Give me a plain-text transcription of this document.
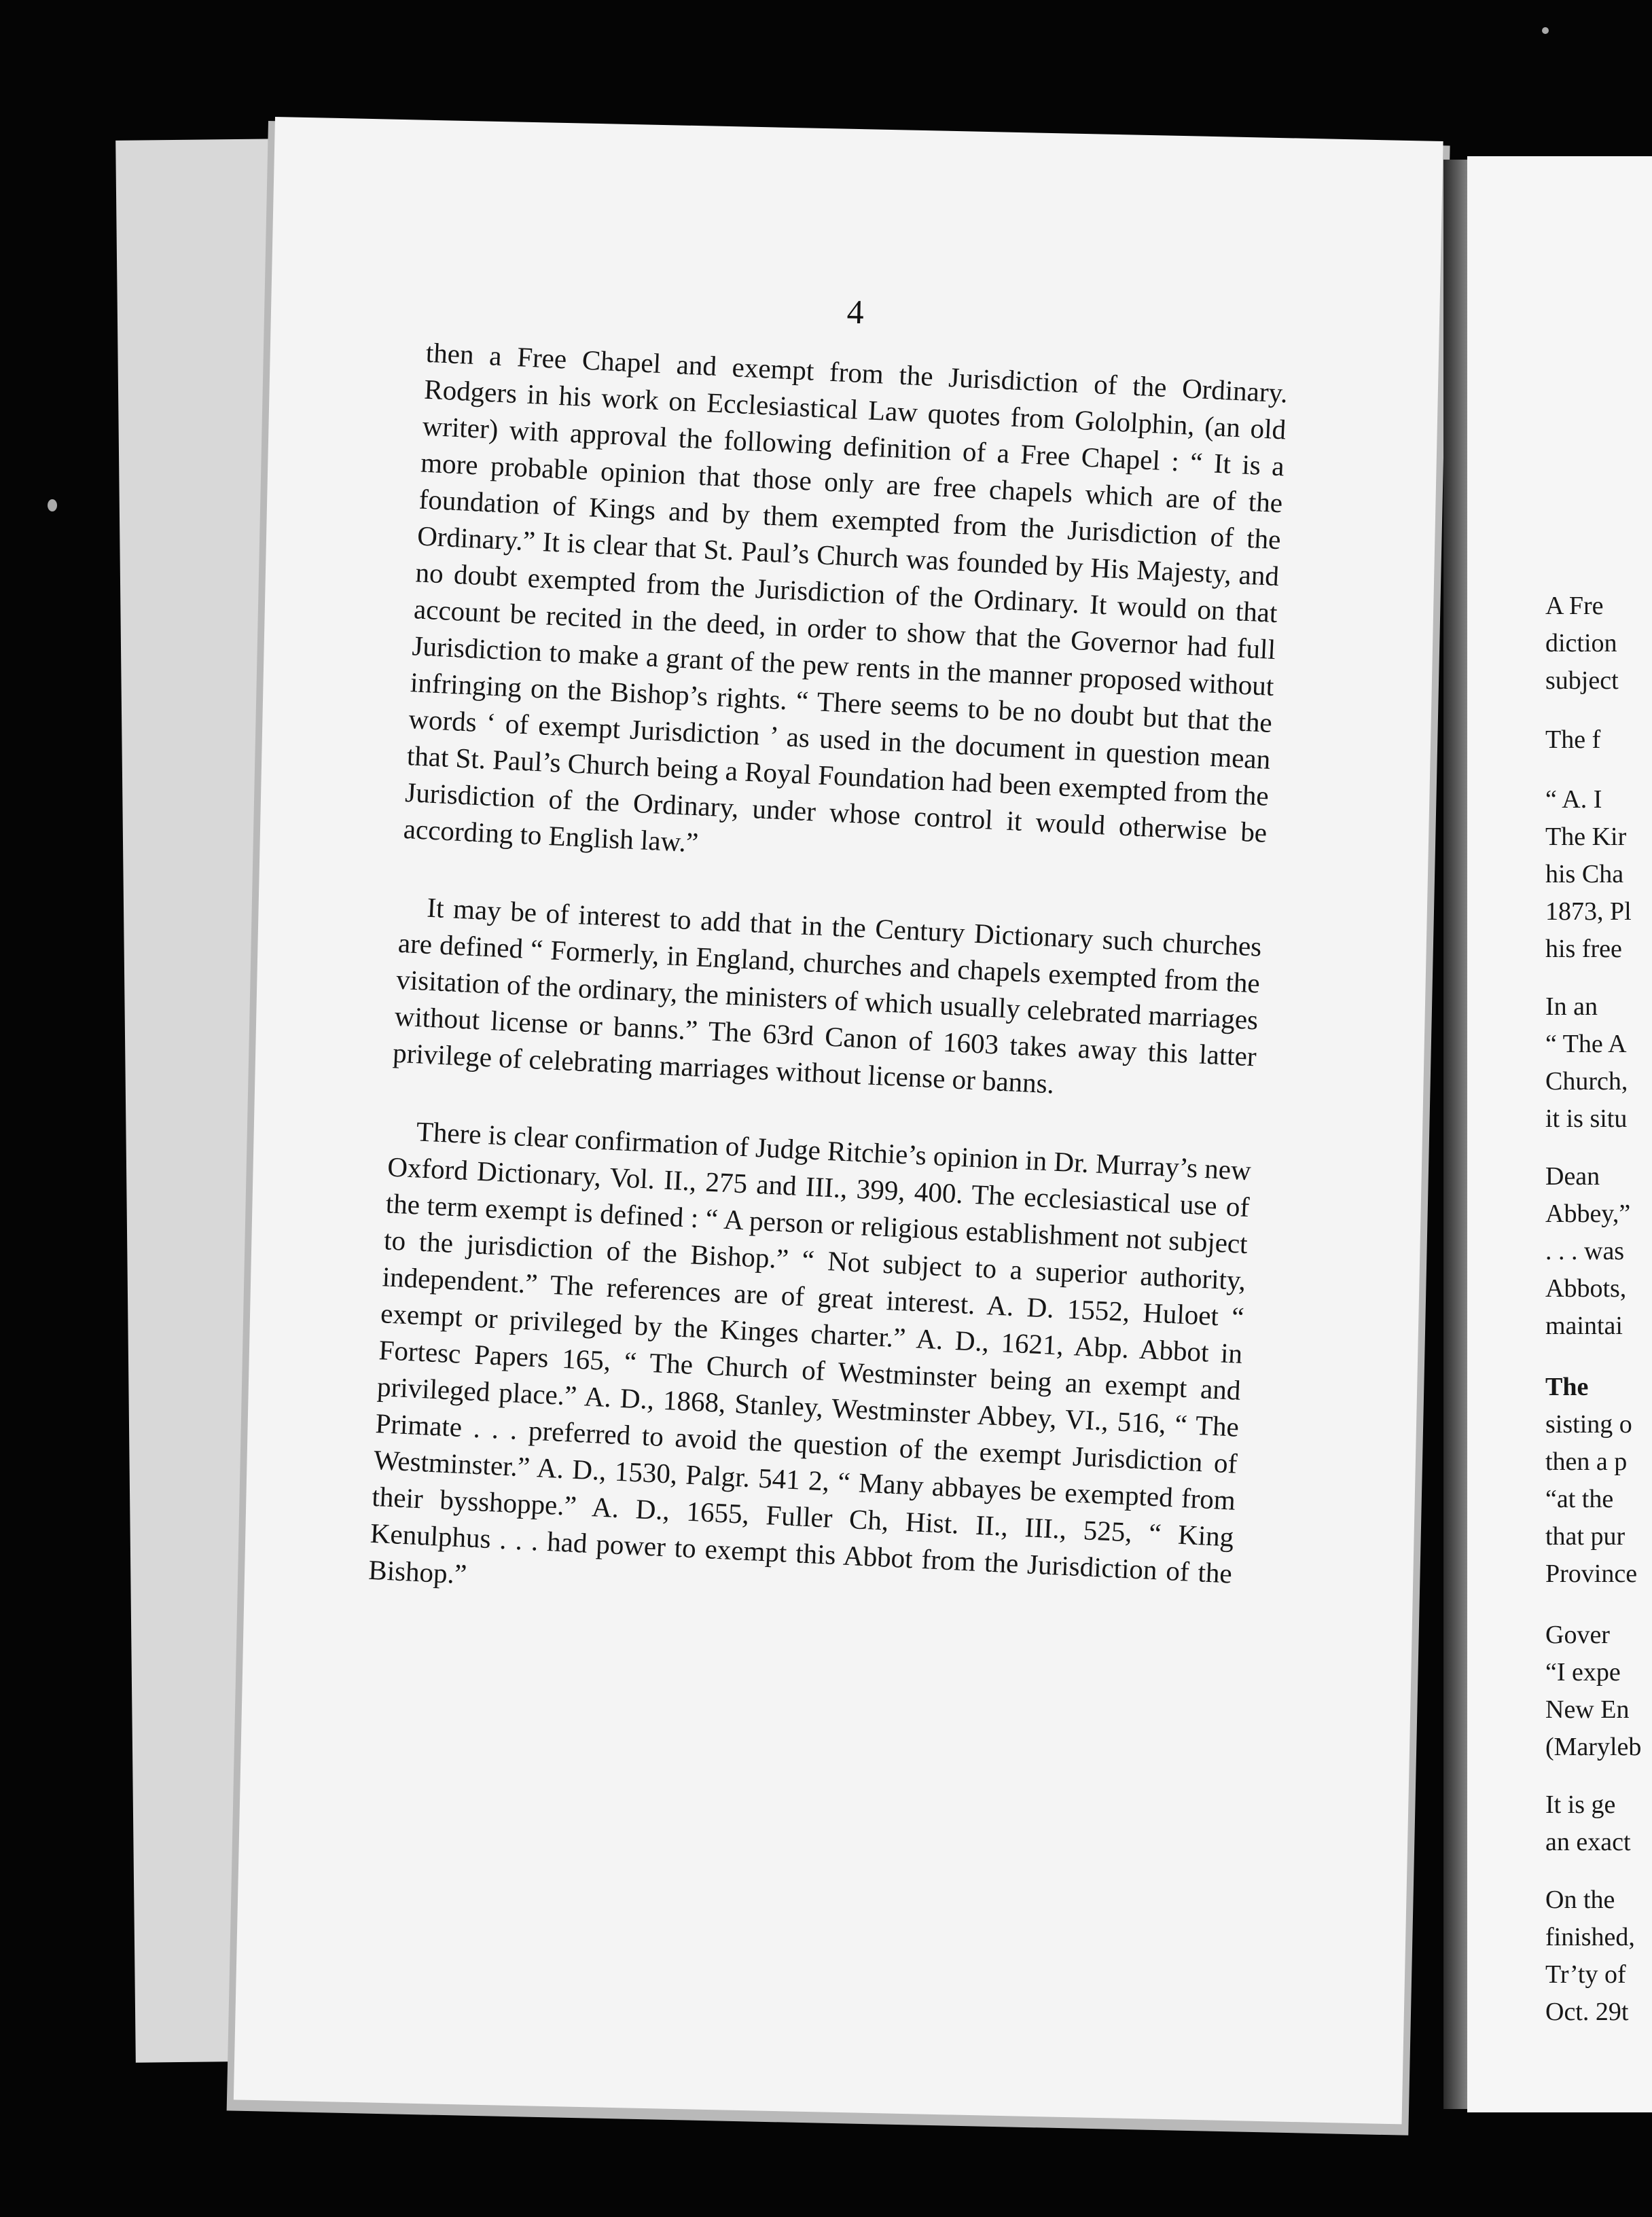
4

then a Free Chapel and exempt from the Jurisdiction of the Ordinary. Rodgers in his work on Ecclesiastical Law quotes from Gololphin, (an old writer) with approval the following definition of a Free Chapel : “ It is a more probable opinion that those only are free chapels which are of the foundation of Kings and by them exempted from the Jurisdiction of the Ordinary.” It is clear that St. Paul’s Church was founded by His Majesty, and no doubt exempted from the Jurisdiction of the Ordinary. It would on that account be recited in the deed, in order to show that the Governor had full Jurisdiction to make a grant of the pew rents in the manner proposed without infringing on the Bishop’s rights. “ There seems to be no doubt but that the words ‘ of exempt Jurisdiction ’ as used in the document in question mean that St. Paul’s Church being a Royal Foundation had been exempted from the Jurisdiction of the Ordinary, under whose control it would otherwise be according to English law.”

It may be of interest to add that in the Century Dictionary such churches are defined “ Formerly, in England, churches and chapels exempted from the visitation of the ordinary, the ministers of which usually celebrated marriages without license or banns.” The 63rd Canon of 1603 takes away this latter privilege of celebrating marriages without license or banns.

There is clear confirmation of Judge Ritchie’s opinion in Dr. Murray’s new Oxford Dictionary, Vol. II., 275 and III., 399, 400. The ecclesiastical use of the term exempt is defined : “ A person or religious establishment not subject to the jurisdiction of the Bishop.” “ Not subject to a superior authority, independent.” The references are of great interest. A. D. 1552, Huloet “ exempt or privileged by the Kinges charter.” A. D., 1621, Abp. Abbot in Fortesc Papers 165, “ The Church of Westminster being an exempt and privileged place.” A. D., 1868, Stanley, Westminster Abbey, VI., 516, “ The Primate . . . preferred to avoid the question of the exempt Jurisdiction of Westminster.” A. D., 1530, Palgr. 541 2, “ Many abbayes be exempted from their bysshoppe.” A. D., 1655, Fuller Ch, Hist. II., III., 525, “ King Kenulphus . . . had power to exempt this Abbot from the Jurisdiction of the Bishop.”

A Fre
diction
subject
The f
“ A. I
The Kir
his Cha
1873, Pl
his free
In an
“ The A
Church,
it is situ
Dean
Abbey,”
. . . was
Abbots,
maintai
The
sisting o
then a p
“at the
that pur
Province
Gover
“I expe
New En
(Maryleb
It is ge
an exact
On the
finished,
Tr’ty of
Oct. 29t
